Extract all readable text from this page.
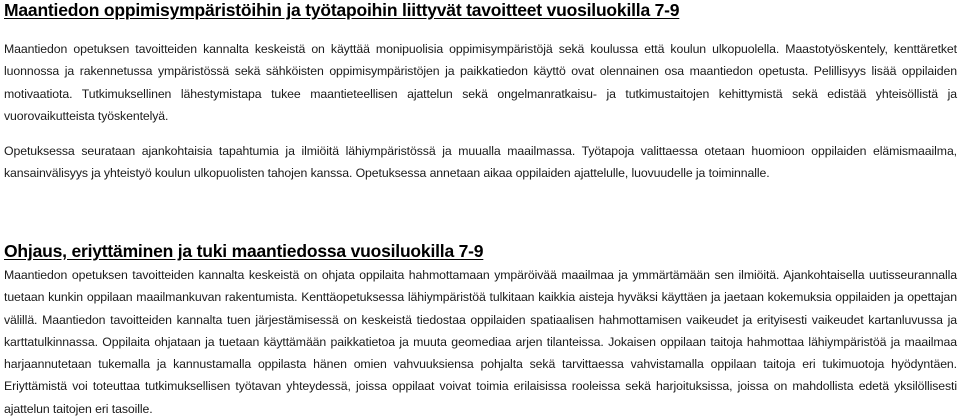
Maantiedon oppimisympäristöihin ja työtapoihin liittyvät tavoitteet vuosiluokilla 7-9

Maantiedon opetuksen tavoitteiden kannalta keskeistä on käyttää monipuolisia oppimisympäristöjä sekä koulussa että koulun ulkopuolella. Maastotyöskentely, kenttäretket luonnossa ja rakennetussa ympäristössä sekä sähköisten oppimisympäristöjen ja paikkatiedon käyttö ovat olennainen osa maantiedon opetusta. Pelillisyys lisää oppilaiden motivaatiota. Tutkimuksellinen lähestymistapa tukee maantieteellisen ajattelun sekä ongelmanratkaisu- ja tutkimustaitojen kehittymistä sekä edistää yhteisöllistä ja vuorovaikutteista työskentelyä.

Opetuksessa seurataan ajankohtaisia tapahtumia ja ilmiöitä lähiympäristössä ja muualla maailmassa. Työtapoja valittaessa otetaan huomioon oppilaiden elämismaailma, kansainvälisyys ja yhteistyö koulun ulkopuolisten tahojen kanssa. Opetuksessa annetaan aikaa oppilaiden ajattelulle, luovuudelle ja toiminnalle.

Ohjaus, eriyttäminen ja tuki maantiedossa vuosiluokilla 7-9

Maantiedon opetuksen tavoitteiden kannalta keskeistä on ohjata oppilaita hahmottamaan ympäröivää maailmaa ja ymmärtämään sen ilmiöitä. Ajankohtaisella uutisseurannalla tuetaan kunkin oppilaan maailmankuvan rakentumista. Kenttäopetuksessa lähiympäristöä tulkitaan kaikkia aisteja hyväksi käyttäen ja jaetaan kokemuksia oppilaiden ja opettajan välillä. Maantiedon tavoitteiden kannalta tuen järjestämisessä on keskeistä tiedostaa oppilaiden spatiaalisen hahmottamisen vaikeudet ja erityisesti vaikeudet kartanluvussa ja karttatulkinnassa. Oppilaita ohjataan ja tuetaan käyttämään paikkatietoa ja muuta geomediaa arjen tilanteissa. Jokaisen oppilaan taitoja hahmottaa lähiympäristöä ja maailmaa harjaannutetaan tukemalla ja kannustamalla oppilasta hänen omien vahvuuksiensa pohjalta sekä tarvittaessa vahvistamalla oppilaan taitoja eri tukimuotoja hyödyntäen. Eriyttämistä voi toteuttaa tutkimuksellisen työtavan yhteydessä, joissa oppilaat voivat toimia erilaisissa rooleissa sekä harjoituksissa, joissa on mahdollista edetä yksilöllisesti ajattelun taitojen eri tasoille.
